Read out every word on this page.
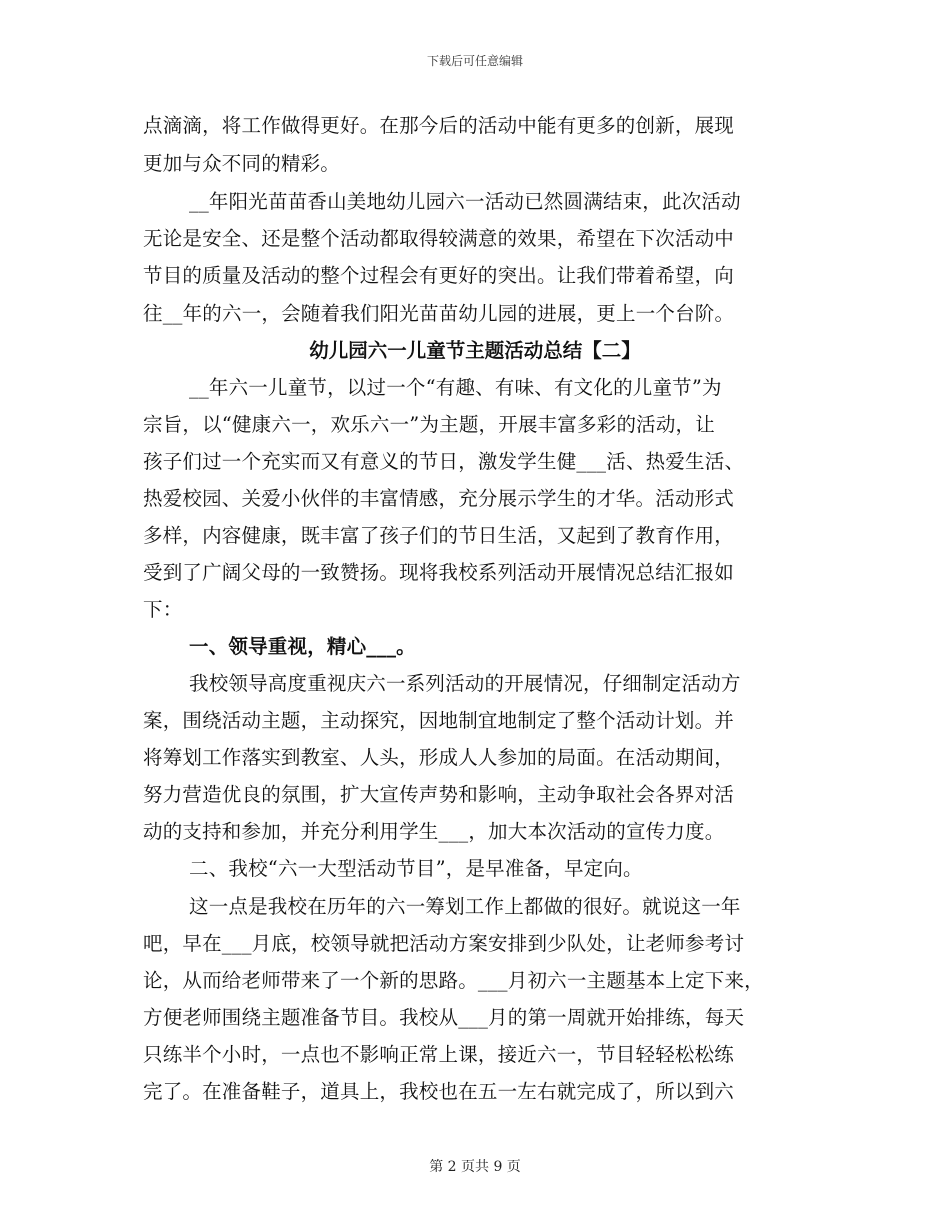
下载后可任意编辑
点滴滴，将工作做得更好。在那今后的活动中能有更多的创新，展现
更加与众不同的精彩。
__年阳光苗苗香山美地幼儿园六一活动已然圆满结束，此次活动
无论是安全、还是整个活动都取得较满意的效果，希望在下次活动中
节目的质量及活动的整个过程会有更好的突出。让我们带着希望，向
往__年的六一，会随着我们阳光苗苗幼儿园的进展，更上一个台阶。
幼儿园六一儿童节主题活动总结【二】
__年六一儿童节，以过一个“有趣、有味、有文化的儿童节”为
宗旨，以“健康六一，欢乐六一”为主题，开展丰富多彩的活动，让
孩子们过一个充实而又有意义的节日，激发学生健___活、热爱生活、
热爱校园、关爱小伙伴的丰富情感，充分展示学生的才华。活动形式
多样，内容健康，既丰富了孩子们的节日生活，又起到了教育作用，
受到了广阔父母的一致赞扬。现将我校系列活动开展情况总结汇报如
下：
一、领导重视，精心___。
我校领导高度重视庆六一系列活动的开展情况，仔细制定活动方
案，围绕活动主题，主动探究，因地制宜地制定了整个活动计划。并
将筹划工作落实到教室、人头，形成人人参加的局面。在活动期间，
努力营造优良的氛围，扩大宣传声势和影响，主动争取社会各界对活
动的支持和参加，并充分利用学生___，加大本次活动的宣传力度。
二、我校“六一大型活动节目”，是早准备，早定向。
这一点是我校在历年的六一筹划工作上都做的很好。就说这一年
吧，早在___月底，校领导就把活动方案安排到少队处，让老师参考讨
论，从而给老师带来了一个新的思路。___月初六一主题基本上定下来，
方便老师围绕主题准备节目。我校从___月的第一周就开始排练，每天
只练半个小时，一点也不影响正常上课，接近六一，节目轻轻松松练
完了。在准备鞋子，道具上，我校也在五一左右就完成了，所以到六
第 2 页共 9 页
